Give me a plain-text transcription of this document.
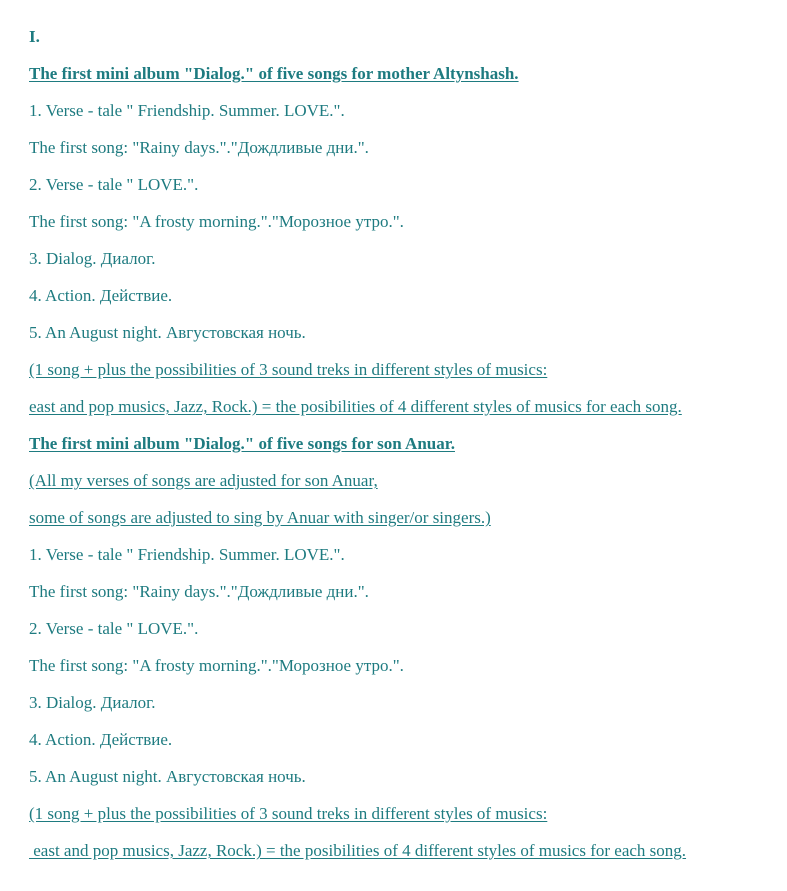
I.
The first mini album "Dialog." of five songs for mother Altynshash.
1. Verse - tale " Friendship. Summer. LOVE.".
The first song: "Rainy days."."Дождливые дни.".
2. Verse - tale " LOVE.".
The first song: "A frosty morning."."Морозное утро.".
3. Dialog. Диалог.
4. Action. Действие.
5. An August night. Августовская ночь.
(1 song + plus the possibilities of 3 sound treks in different styles of musics:
east and pop musics, Jazz, Rock.) = the posibilities of 4 different styles of musics for each song.
The first mini album "Dialog." of five songs for son Anuar.
(All my verses of songs are adjusted for son Anuar,
some of songs are adjusted to sing by Anuar with singer/or singers.)
1. Verse - tale " Friendship. Summer. LOVE.".
The first song: "Rainy days."."Дождливые дни.".
2. Verse - tale " LOVE.".
The first song: "A frosty morning."."Морозное утро.".
3. Dialog. Диалог.
4. Action. Действие.
5. An August night. Августовская ночь.
(1 song + plus the possibilities of 3 sound treks in different styles of musics:
east and pop musics, Jazz, Rock.) = the posibilities of 4 different styles of musics for each song.
